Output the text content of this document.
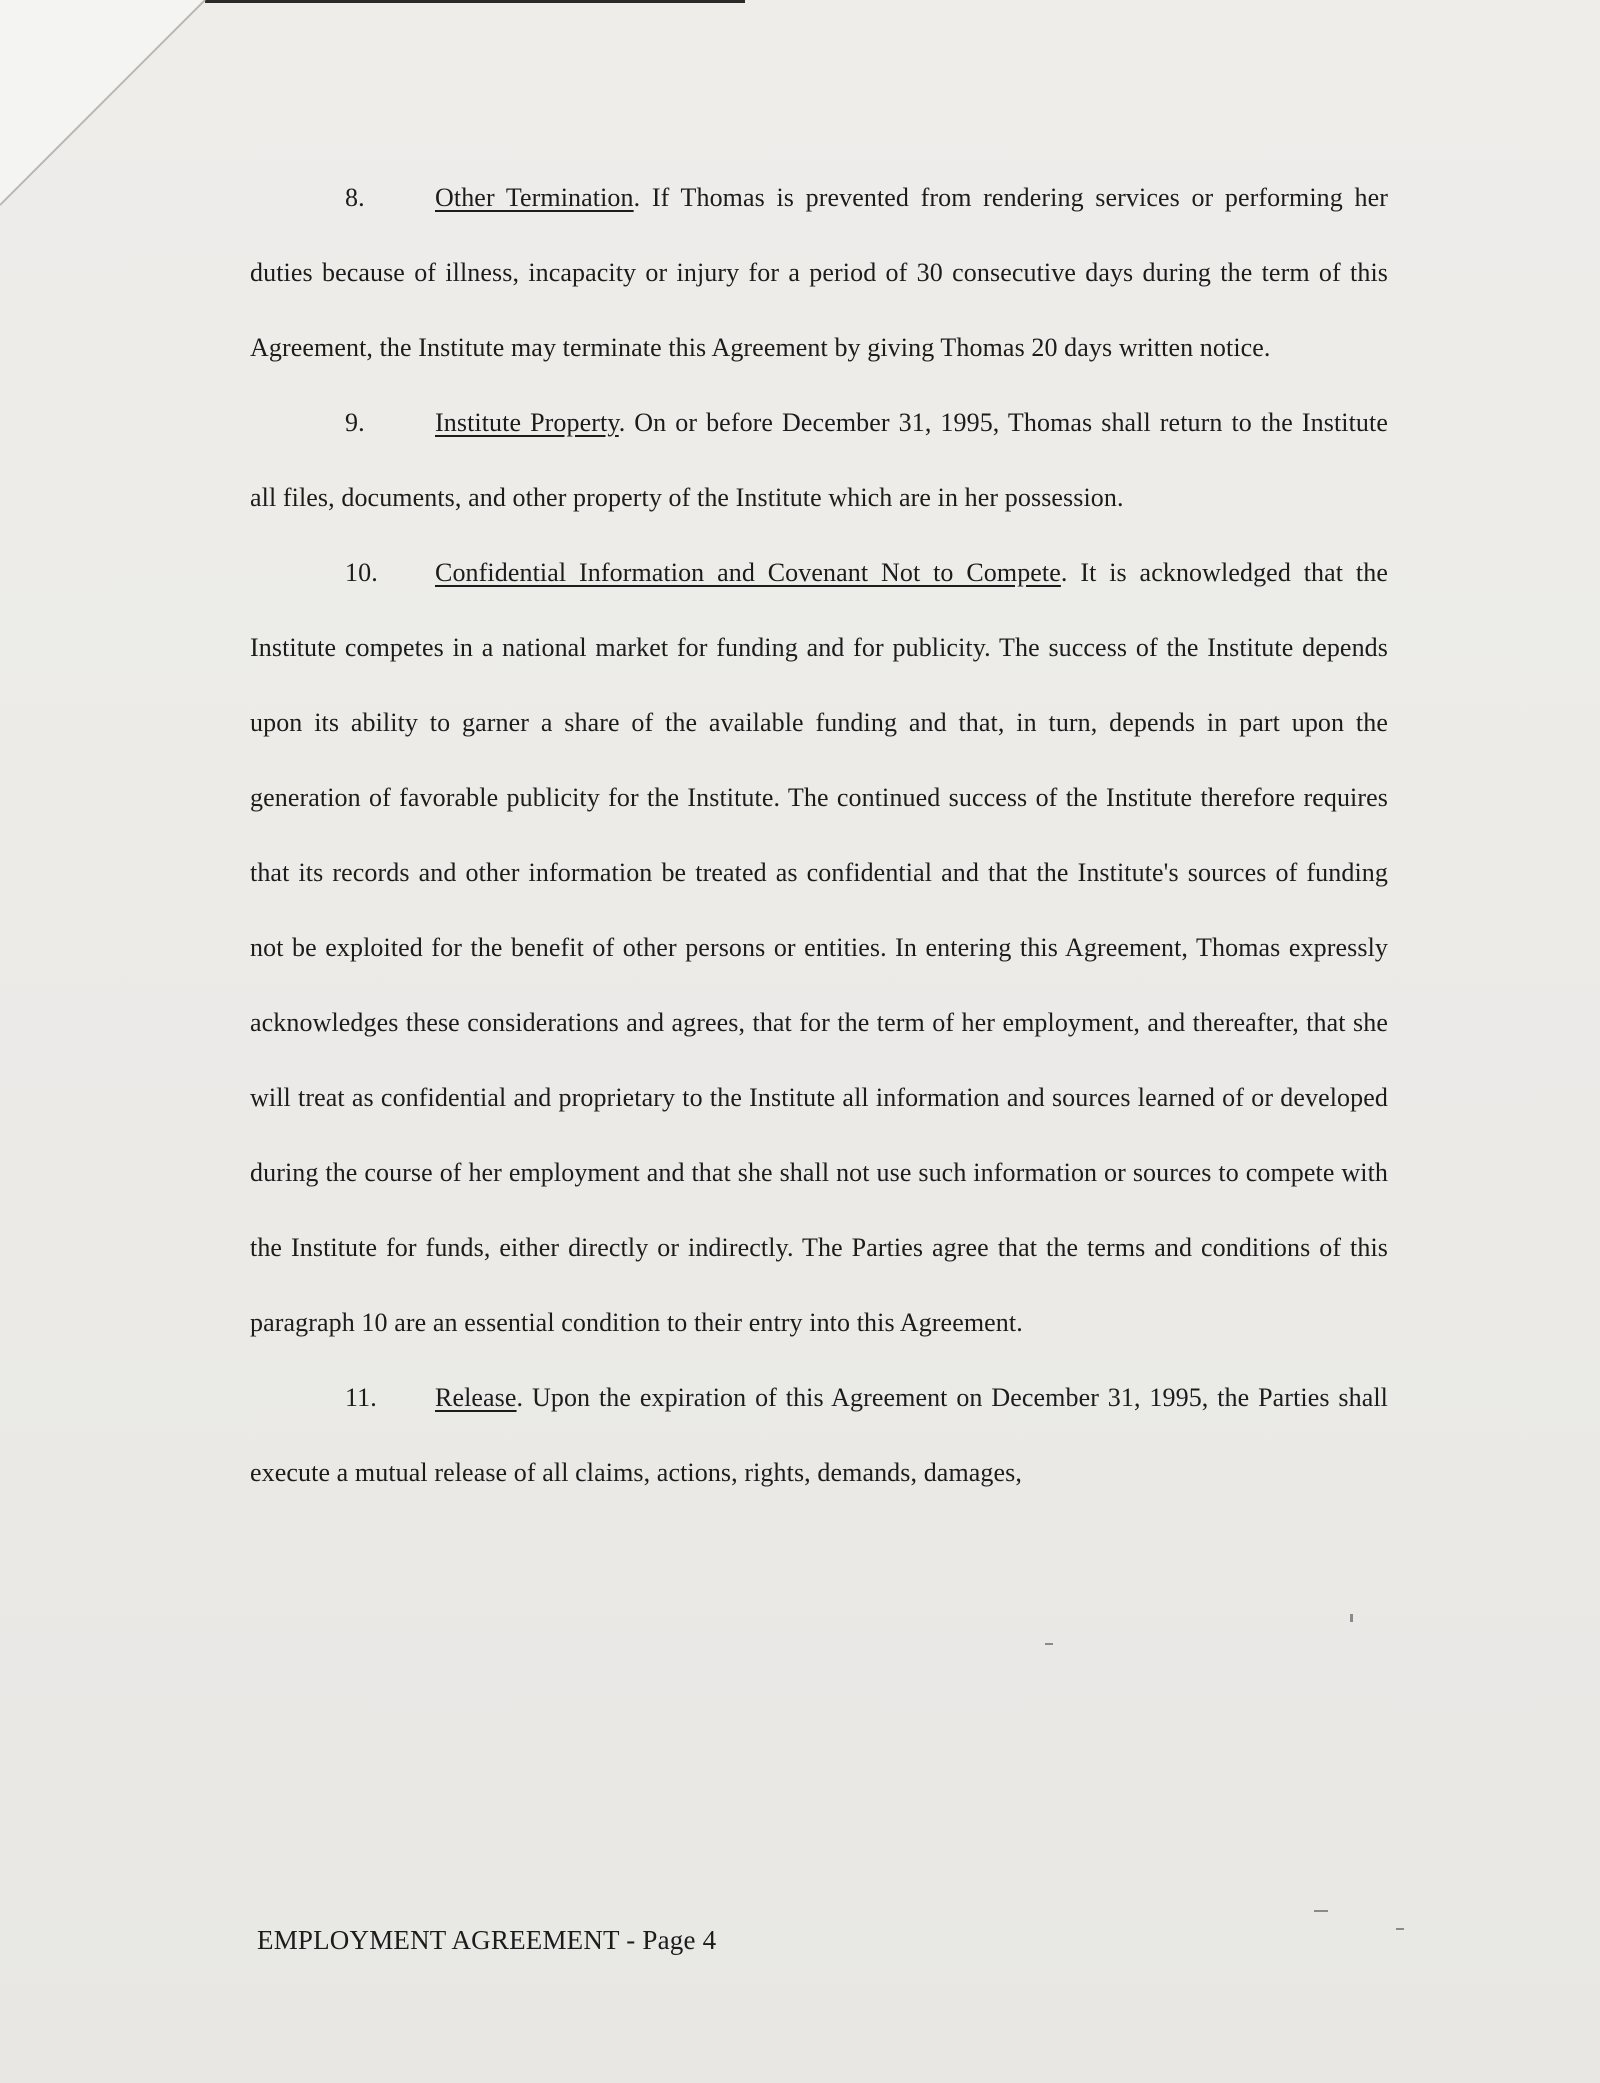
8.	Other Termination. If Thomas is prevented from rendering services or performing her duties because of illness, incapacity or injury for a period of 30 consecutive days during the term of this Agreement, the Institute may terminate this Agreement by giving Thomas 20 days written notice.

9.	Institute Property. On or before December 31, 1995, Thomas shall return to the Institute all files, documents, and other property of the Institute which are in her possession.

10. Confidential Information and Covenant Not to Compete. It is acknowledged that the Institute competes in a national market for funding and for publicity. The success of the Institute depends upon its ability to garner a share of the available funding and that, in turn, depends in part upon the generation of favorable publicity for the Institute. The continued success of the Institute therefore requires that its records and other information be treated as confidential and that the Institute's sources of funding not be exploited for the benefit of other persons or entities. In entering this Agreement, Thomas expressly acknowledges these considerations and agrees, that for the term of her employment, and thereafter, that she will treat as confidential and proprietary to the Institute all information and sources learned of or developed during the course of her employment and that she shall not use such information or sources to compete with the Institute for funds, either directly or indirectly. The Parties agree that the terms and conditions of this paragraph 10 are an essential condition to their entry into this Agreement.

11. Release. Upon the expiration of this Agreement on December 31, 1995, the Parties shall execute a mutual release of all claims, actions, rights, demands, damages,

EMPLOYMENT AGREEMENT - Page 4
